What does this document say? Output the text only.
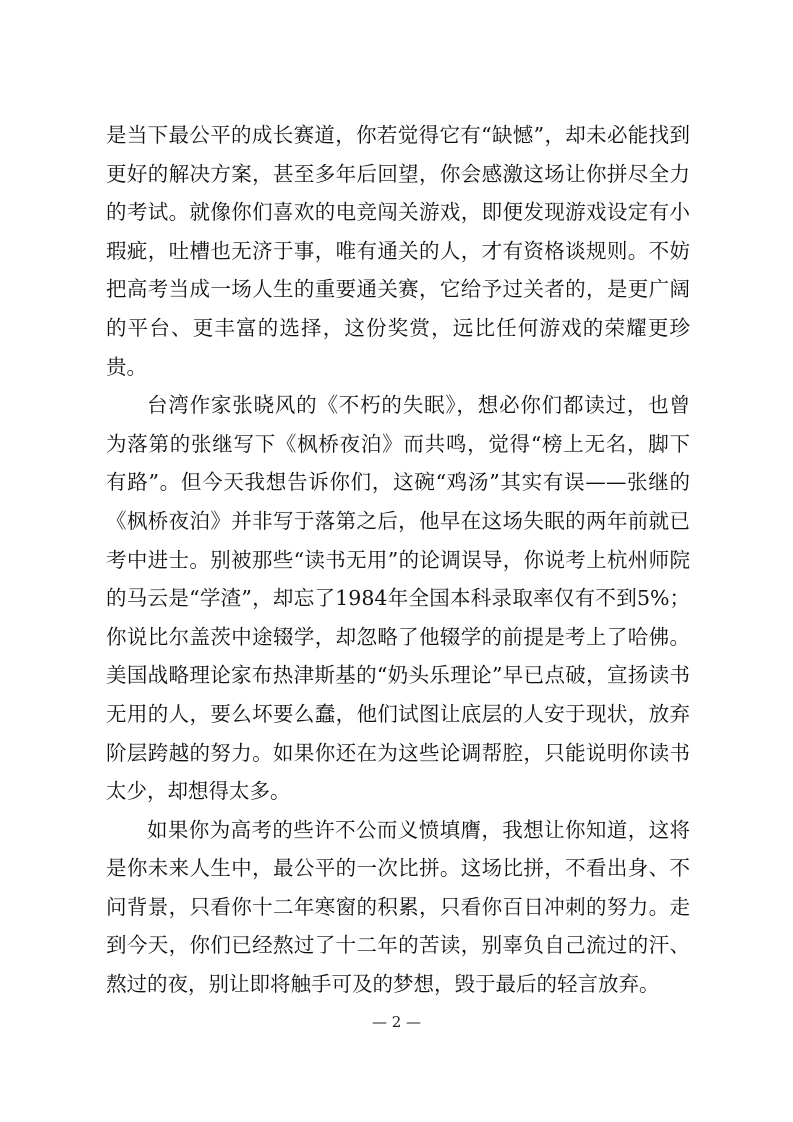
是当下最公平的成长赛道，你若觉得它有“缺憾”，却未必能找到更好的解决方案，甚至多年后回望，你会感激这场让你拼尽全力的考试。就像你们喜欢的电竞闯关游戏，即便发现游戏设定有小瑕疵，吐槽也无济于事，唯有通关的人，才有资格谈规则。不妨把高考当成一场人生的重要通关赛，它给予过关者的，是更广阔的平台、更丰富的选择，这份奖赏，远比任何游戏的荣耀更珍贵。

台湾作家张晓风的《不朽的失眠》，想必你们都读过，也曾为落第的张继写下《枫桥夜泊》而共鸣，觉得“榜上无名，脚下有路”。但今天我想告诉你们，这碗“鸡汤”其实有误——张继的《枫桥夜泊》并非写于落第之后，他早在这场失眠的两年前就已考中进士。别被那些“读书无用”的论调误导，你说考上杭州师院的马云是“学渣”，却忘了1984年全国本科录取率仅有不到5%；你说比尔盖茨中途辍学，却忽略了他辍学的前提是考上了哈佛。美国战略理论家布热津斯基的“奶头乐理论”早已点破，宣扬读书无用的人，要么坏要么蠢，他们试图让底层的人安于现状，放弃阶层跨越的努力。如果你还在为这些论调帮腔，只能说明你读书太少，却想得太多。

如果你为高考的些许不公而义愤填膺，我想让你知道，这将是你未来人生中，最公平的一次比拼。这场比拼，不看出身、不问背景，只看你十二年寒窗的积累，只看你百日冲刺的努力。走到今天，你们已经熬过了十二年的苦读，别辜负自己流过的汗、熬过的夜，别让即将触手可及的梦想，毁于最后的轻言放弃。

— 2 —
